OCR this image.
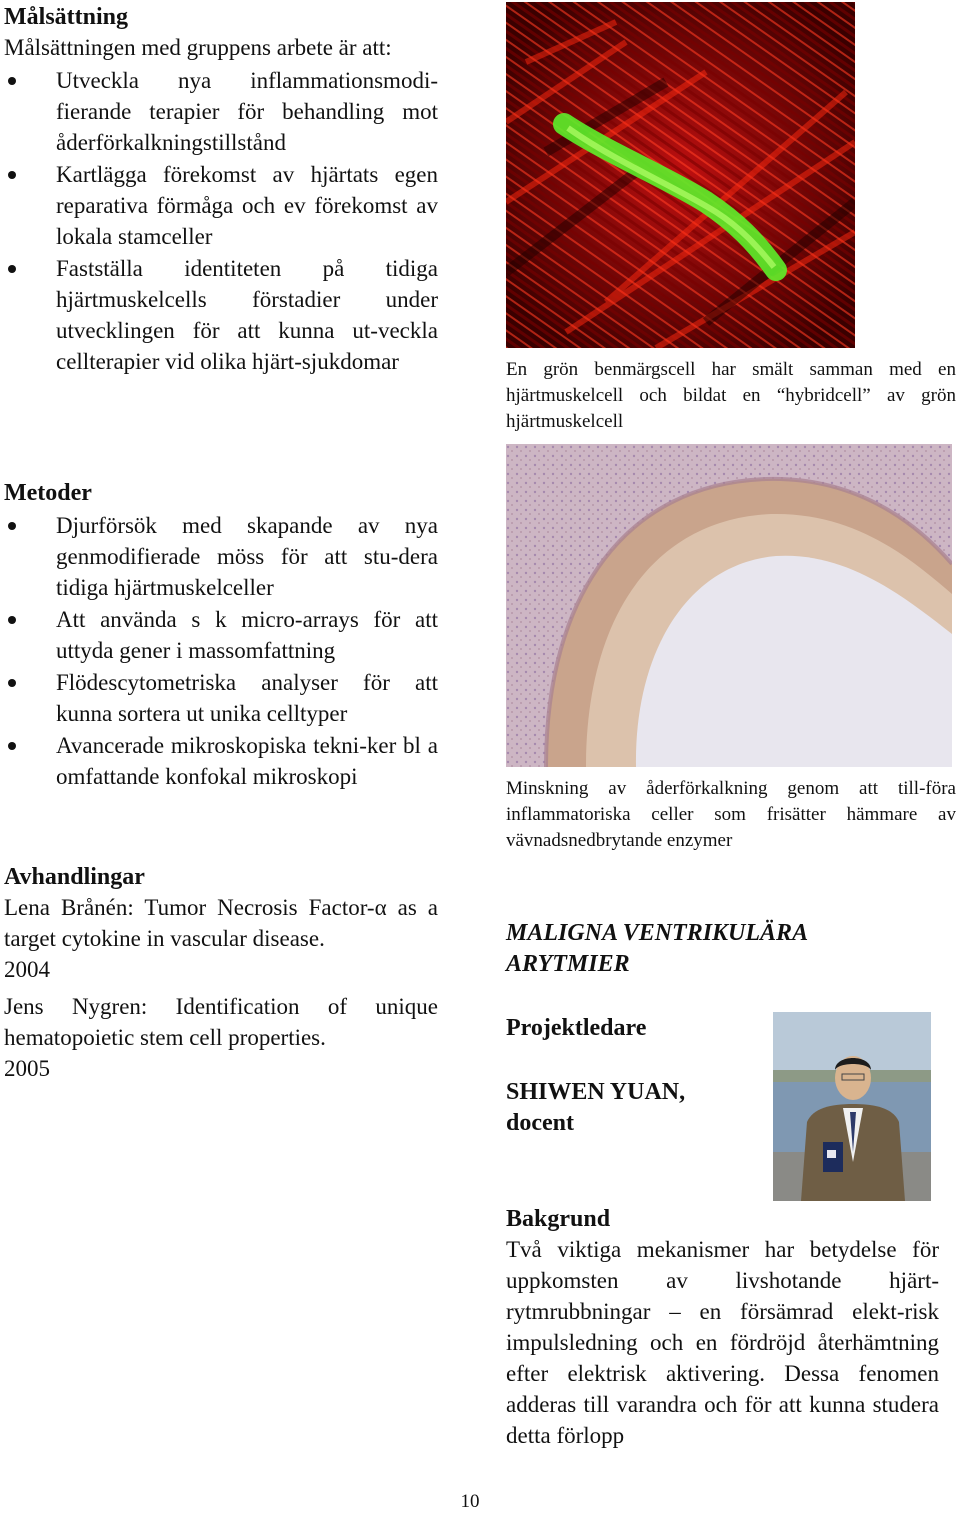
Målsättning
Målsättningen med gruppens arbete är att:
Utveckla nya inflammationsmodi-fierande terapier för behandling mot åderförkalkningstillstånd
Kartlägga förekomst av hjärtats egen reparativa förmåga och ev förekomst av lokala stamceller
Fastställa identiteten på tidiga hjärtmuskelcells förstadier under utvecklingen för att kunna ut-veckla cellterapier vid olika hjärt-sjukdomar
Metoder
Djurförsök med skapande av nya genmodifierade möss för att stu-dera tidiga hjärtmuskelceller
Att använda s k micro-arrays för att uttyda gener i massomfattning
Flödescytometriska analyser för att kunna sortera ut unika celltyper
Avancerade mikroskopiska tekni-ker bl a omfattande konfokal mikroskopi
Avhandlingar
Lena Brånén: Tumor Necrosis Factor-α as a target cytokine in vascular disease.
2004
Jens Nygren: Identification of unique hematopoietic stem cell properties.
2005
En grön benmärgscell har smält samman med en hjärtmuskelcell och bildat en “hybridcell” av grön hjärtmuskelcell
Minskning av åderförkalkning genom att till-föra inflammatoriska celler som frisätter hämmare av vävnadsnedbrytande enzymer
MALIGNA VENTRIKULÄRA
ARYTMIER
Projektledare
SHIWEN YUAN,
docent
Bakgrund
Två viktiga mekanismer har betydelse för uppkomsten av livshotande hjärt-rytmrubbningar – en försämrad elekt-risk impulsledning och en fördröjd återhämtning efter elektrisk aktivering. Dessa fenomen adderas till varandra och för att kunna studera detta förlopp
10
